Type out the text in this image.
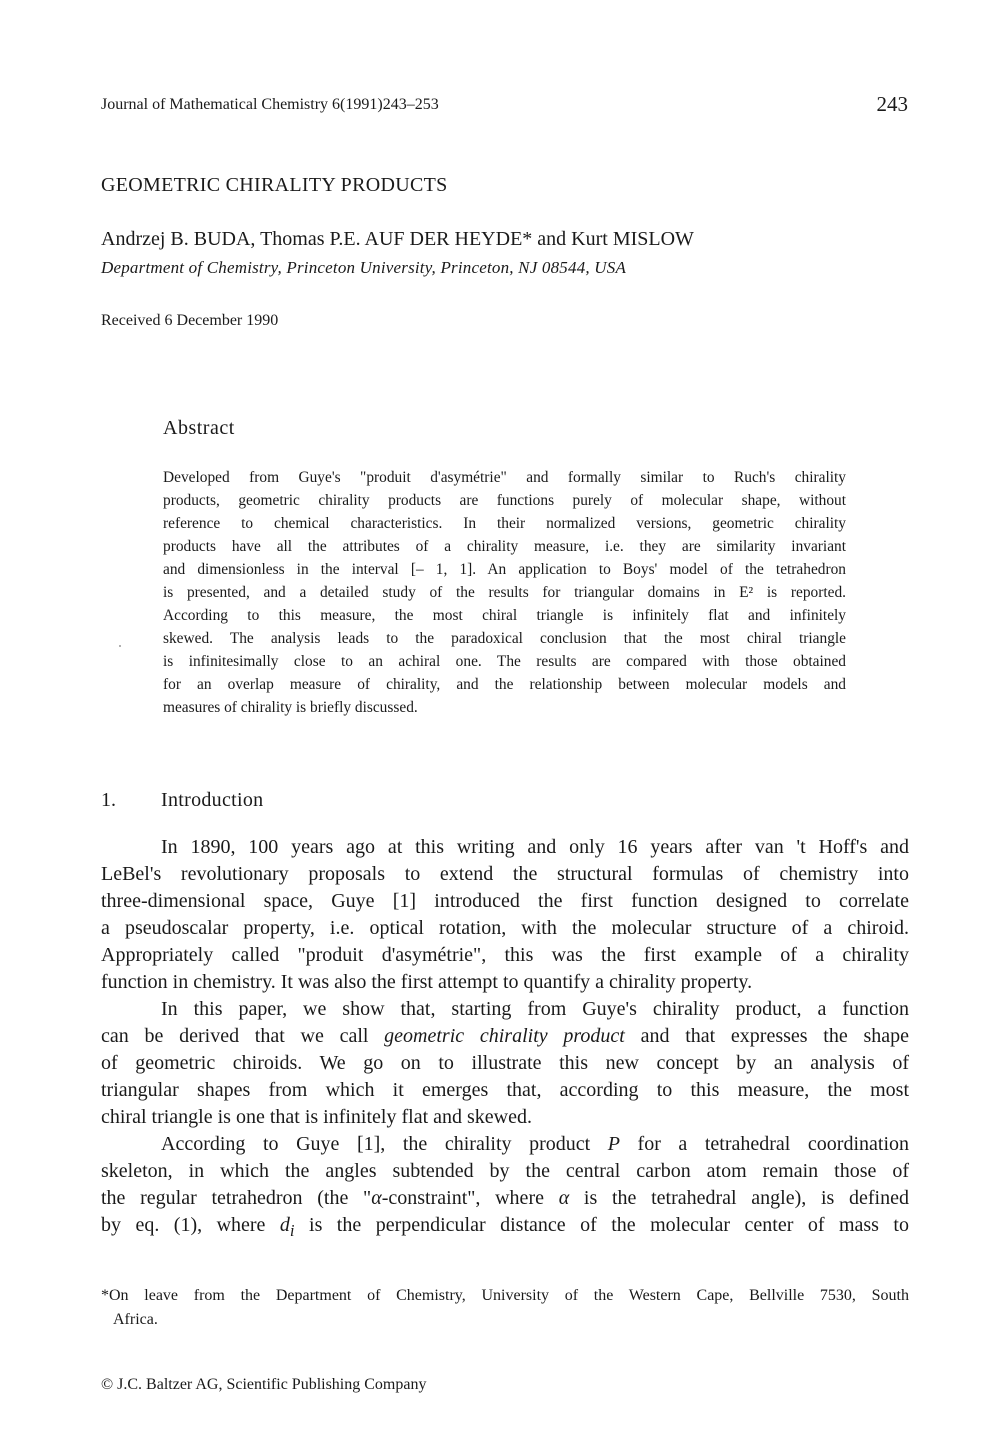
Journal of Mathematical Chemistry 6(1991)243–253	243
GEOMETRIC CHIRALITY PRODUCTS
Andrzej B. BUDA, Thomas P.E. AUF DER HEYDE* and Kurt MISLOW
Department of Chemistry, Princeton University, Princeton, NJ 08544, USA
Received 6 December 1990
Abstract
Developed from Guye's "produit d'asymétrie" and formally similar to Ruch's chirality
products, geometric chirality products are functions purely of molecular shape, without
reference to chemical characteristics. In their normalized versions, geometric chirality
products have all the attributes of a chirality measure, i.e. they are similarity invariant
and dimensionless in the interval [– 1, 1]. An application to Boys' model of the tetrahedron
is presented, and a detailed study of the results for triangular domains in E² is reported.
According to this measure, the most chiral triangle is infinitely flat and infinitely
skewed. The analysis leads to the paradoxical conclusion that the most chiral triangle
is infinitesimally close to an achiral one. The results are compared with those obtained
for an overlap measure of chirality, and the relationship between molecular models and
measures of chirality is briefly discussed.
1. Introduction
In 1890, 100 years ago at this writing and only 16 years after van 't Hoff's and
LeBel's revolutionary proposals to extend the structural formulas of chemistry into
three-dimensional space, Guye [1] introduced the first function designed to correlate
a pseudoscalar property, i.e. optical rotation, with the molecular structure of a chiroid.
Appropriately called "produit d'asymétrie", this was the first example of a chirality
function in chemistry. It was also the first attempt to quantify a chirality property.
In this paper, we show that, starting from Guye's chirality product, a function
can be derived that we call geometric chirality product and that expresses the shape
of geometric chiroids. We go on to illustrate this new concept by an analysis of
triangular shapes from which it emerges that, according to this measure, the most
chiral triangle is one that is infinitely flat and skewed.
According to Guye [1], the chirality product P for a tetrahedral coordination
skeleton, in which the angles subtended by the central carbon atom remain those of
the regular tetrahedron (the "α-constraint", where α is the tetrahedral angle), is defined
by eq. (1), where $d_i$ is the perpendicular distance of the molecular center of mass to
*On leave from the Department of Chemistry, University of the Western Cape, Bellville 7530, South
Africa.
© J.C. Baltzer AG, Scientific Publishing Company
